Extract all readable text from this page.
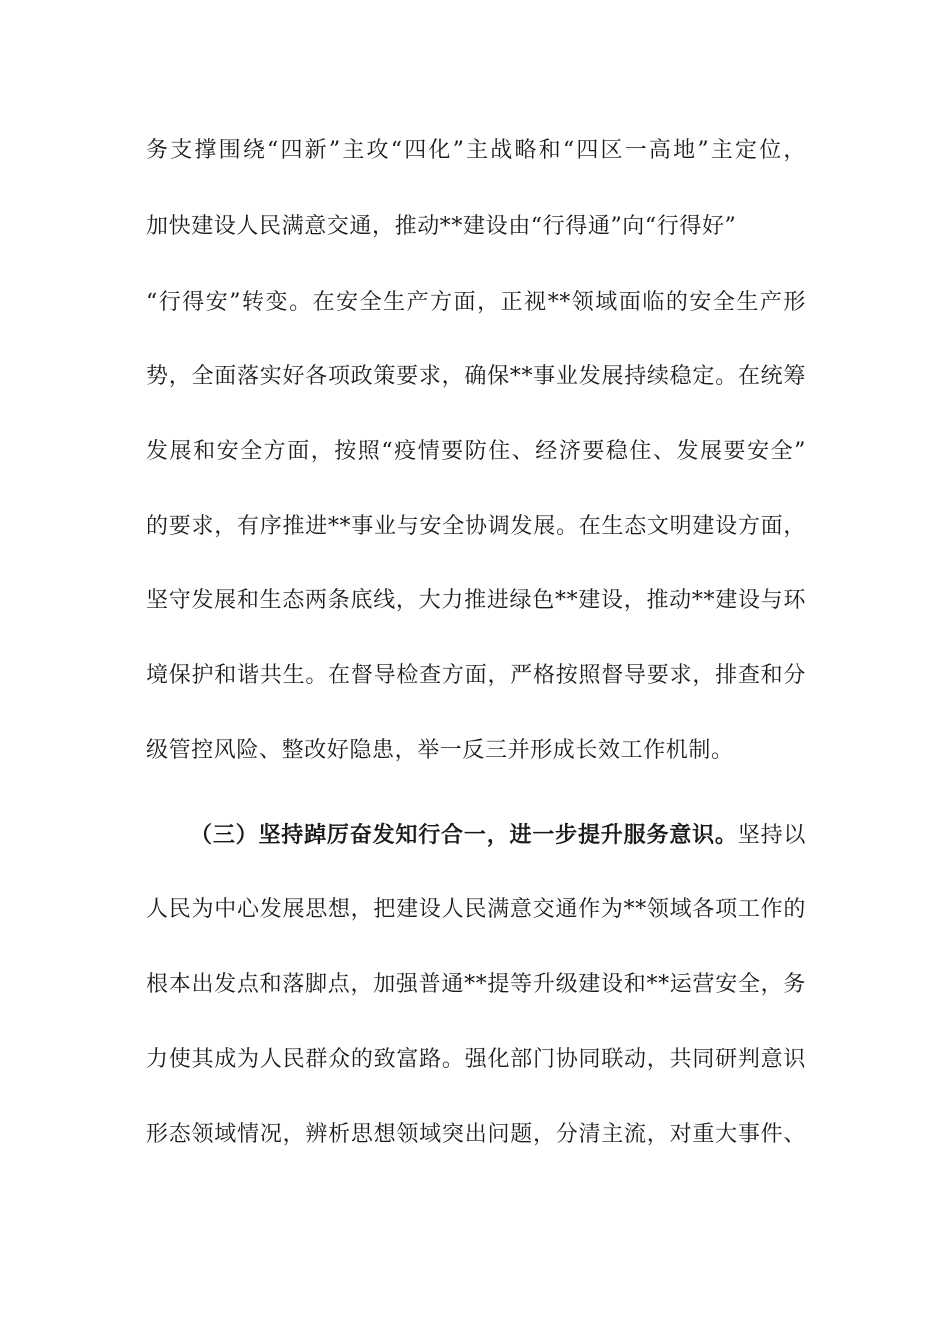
务支撑围绕“四新”主攻“四化”主战略和“四区一高地”主定位，
加快建设人民满意交通，推动**建设由“行得通”向“行得好”
“行得安”转变。在安全生产方面，正视**领域面临的安全生产形
势，全面落实好各项政策要求，确保**事业发展持续稳定。在统筹
发展和安全方面，按照“疫情要防住、经济要稳住、发展要安全”
的要求，有序推进**事业与安全协调发展。在生态文明建设方面，
坚守发展和生态两条底线，大力推进绿色**建设，推动**建设与环
境保护和谐共生。在督导检查方面，严格按照督导要求，排查和分
级管控风险、整改好隐患，举一反三并形成长效工作机制。
（三）坚持踔厉奋发知行合一，进一步提升服务意识。坚持以
人民为中心发展思想，把建设人民满意交通作为**领域各项工作的
根本出发点和落脚点，加强普通**提等升级建设和**运营安全，务
力使其成为人民群众的致富路。强化部门协同联动，共同研判意识
形态领域情况，辨析思想领域突出问题，分清主流，对重大事件、
